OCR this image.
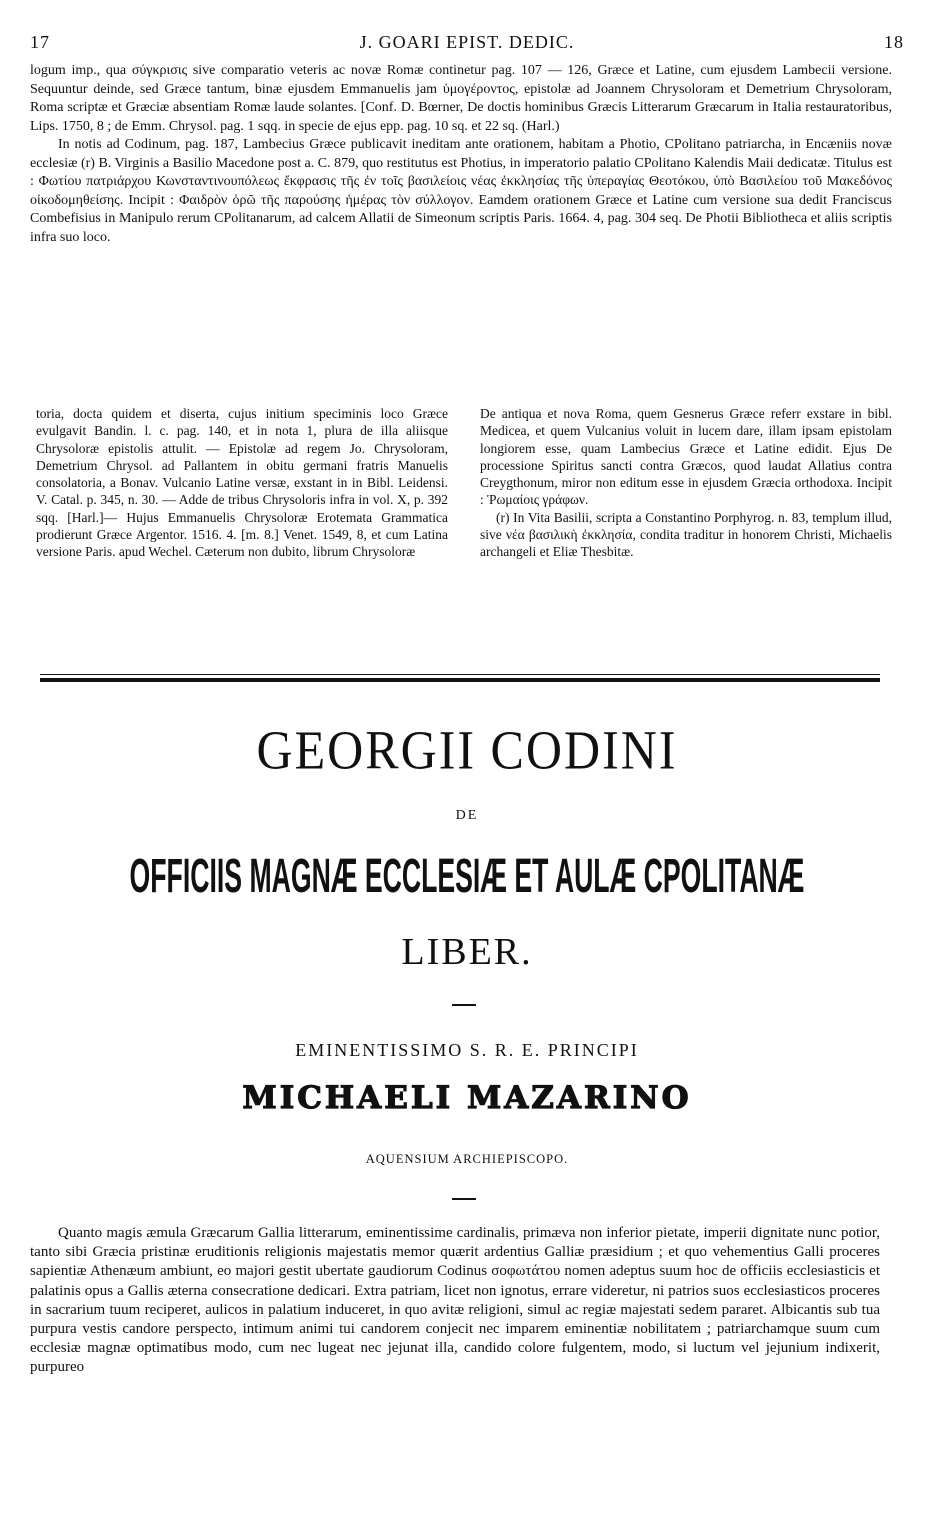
17	J. GOARI EPIST. DEDIC.	18

logum imp., qua σύγκρισις sive comparatio veteris ac novæ Romæ continetur pag. 107 — 126, Græce et Latine, cum ejusdem Lambecii versione. Sequuntur deinde, sed Græce tantum, binæ ejusdem Emmanuelis jam ὑμογέροντος, epistolæ ad Joannem Chrysoloram et Demetrium Chrysoloram, Roma scriptæ et Græciæ absentiam Romæ laude solantes. [Conf. D. Bœrner, De doctis hominibus Græcis Litterarum Græcarum in Italia restauratoribus, Lips. 1750, 8 ; de Emm. Chrysol. pag. 1 sqq. in specie de ejus epp. pag. 10 sq. et 22 sq. (Harl.)

In notis ad Codinum, pag. 187, Lambecius Græce publicavit ineditam ante orationem, habitam a Photio, CPolitano patriarcha, in Encæniis novæ ecclesiæ (r) B. Virginis a Basilio Macedone post a. C. 879, quo restitutus est Photius, in imperatorio palatio CPolitano Kalendis Maii dedicatæ. Titulus est : Φωτίου πατριάρχου Κωνσταντινουπόλεως ἔκφρασις τῆς ἐν τοῖς βασιλείοις νέας ἐκκλησίας τῆς ὑπεραγίας Θεοτόκου, ὑπὸ Βασιλείου τοῦ Μακεδόνος οἰκοδομηθείσης. Incipit : Φαιδρὸν ὁρῶ τῆς παρούσης ἡμέρας τὸν σύλλογον. Eamdem orationem Græce et Latine cum versione sua dedit Franciscus Combefisius in Manipulo rerum CPolitanarum, ad calcem Allatii de Simeonum scriptis Paris. 1664. 4, pag. 304 seq. De Photii Bibliotheca et aliis scriptis infra suo loco.

toria, docta quidem et diserta, cujus initium speciminis loco Græce evulgavit Bandin. l. c. pag. 140, et in nota 1, plura de illa aliisque Chrysoloræ epistolis attulit. — Epistolæ ad regem Jo. Chrysoloram, Demetrium Chrysol. ad Pallantem in obitu germani fratris Manuelis consolatoria, a Bonav. Vulcanio Latine versæ, exstant in in Bibl. Leidensi. V. Catal. p. 345, n. 30. — Adde de tribus Chrysoloris infra in vol. X, p. 392 sqq. [Harl.]— Hujus Emmanuelis Chrysoloræ Erotemata Grammatica prodierunt Græce Argentor. 1516. 4. [m. 8.] Venet. 1549, 8, et cum Latina versione Paris. apud Wechel. Cæterum non dubito, librum Chrysoloræ

De antiqua et nova Roma, quem Gesnerus Græce referr exstare in bibl. Medicea, et quem Vulcanius voluit in lucem dare, illam ipsam epistolam longiorem esse, quam Lambecius Græce et Latine edidit. Ejus De processione Spiritus sancti contra Græcos, quod laudat Allatius contra Creygthonum, miror non editum esse in ejusdem Græcia orthodoxa. Incipit : Ῥωμαίοις γράφων.

(r) In Vita Basilii, scripta a Constantino Porphyrog. n. 83, templum illud, sive νέα βασιλικὴ ἐκκλησία, condita traditur in honorem Christi, Michaelis archangeli et Eliæ Thesbitæ.

GEORGII CODINI
DE
OFFICIIS MAGNÆ ECCLESIÆ ET AULÆ CPOLITANÆ
LIBER.
EMINENTISSIMO S. R. E. PRINCIPI
MICHAELI MAZARINO
AQUENSIUM ARCHIEPISCOPO.

Quanto magis æmula Græcarum Gallia litterarum, eminentissime cardinalis, primæva non inferior pietate, imperii dignitate nunc potior, tanto sibi Græcia pristinæ eruditionis religionis majestatis memor quærit ardentius Galliæ præsidium ; et quo vehementius Galli proceres sapientiæ Athenæum ambiunt, eo majori gestit ubertate gaudiorum Codinus σοφωτάτου nomen adeptus suum hoc de officiis ecclesiasticis et palatinis opus a Gallis æterna consecratione dedicari. Extra patriam, licet non ignotus, errare videretur, ni patrios suos ecclesiasticos proceres in sacrarium tuum reciperet, aulicos in palatium induceret, in quo avitæ religioni, simul ac regiæ majestati sedem pararet. Albicantis sub tua purpura vestis candore perspecto, intimum animi tui candorem conjecit nec imparem eminentiæ nobilitatem ; patriarchamque suum cum ecclesiæ magnæ optimatibus modo, cum nec lugeat nec jejunat illa, candido colore fulgentem, modo, si luctum vel jejunium indixerit, purpureo
